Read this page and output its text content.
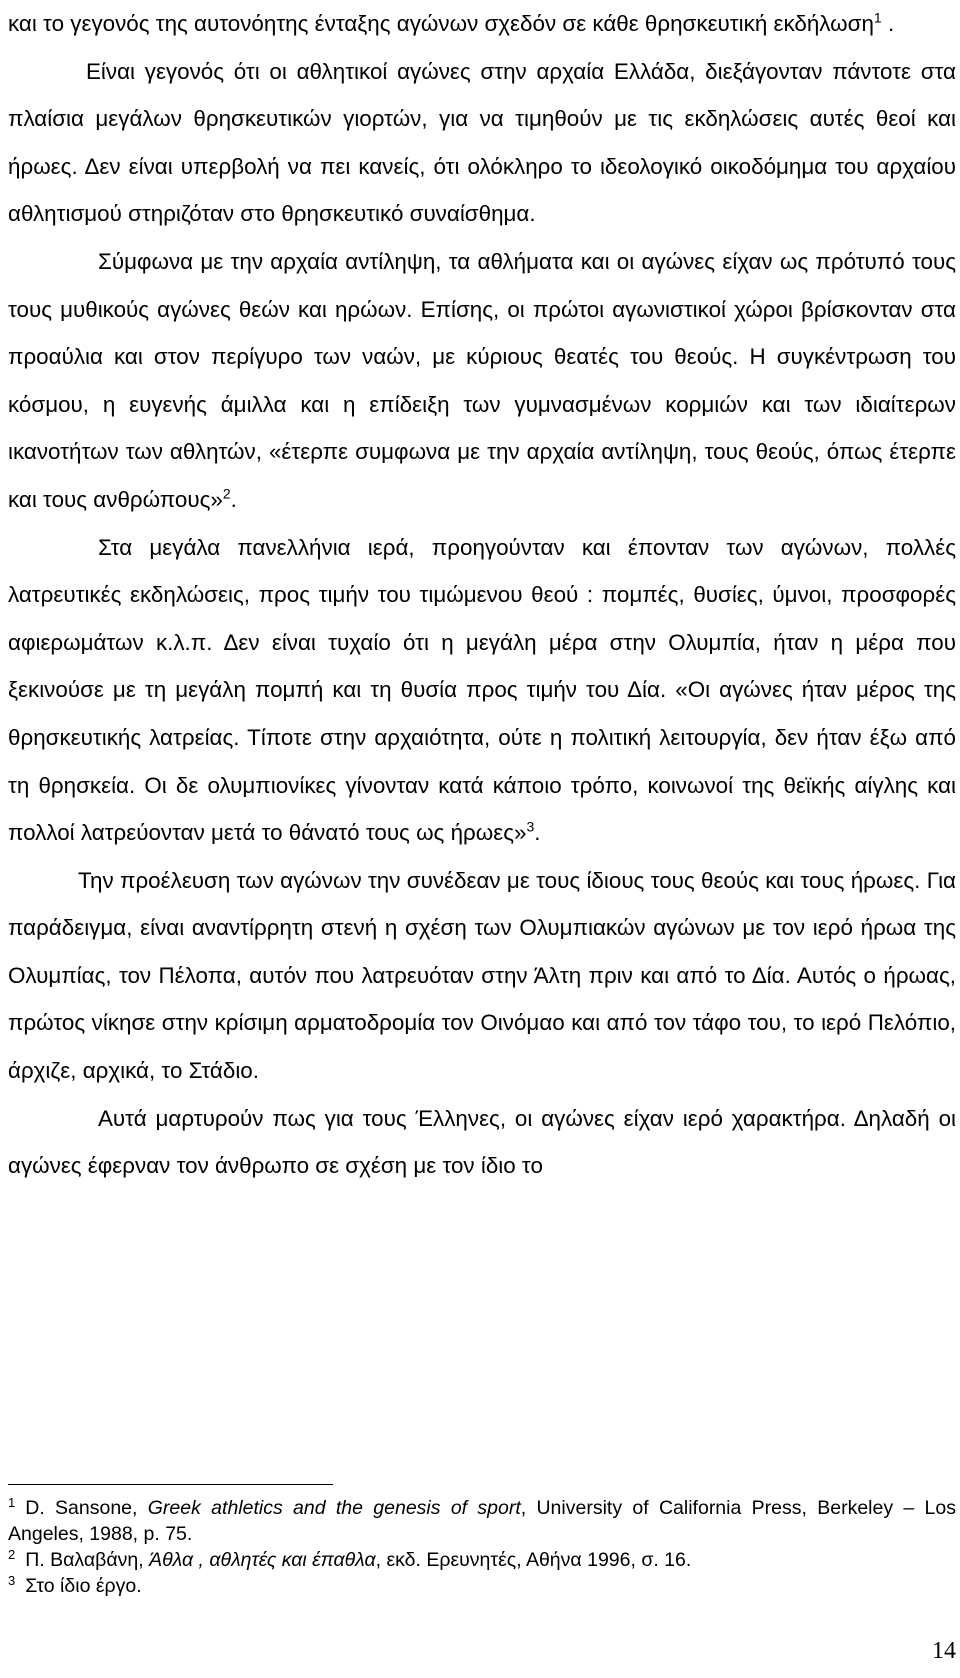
και το γεγονός της αυτονόητης ένταξης αγώνων σχεδόν σε κάθε θρησκευτική εκδήλωση$^1$ .

Είναι γεγονός ότι οι αθλητικοί αγώνες στην αρχαία Ελλάδα, διεξάγονταν πάντοτε στα πλαίσια μεγάλων θρησκευτικών γιορτών, για να τιμηθούν με τις εκδηλώσεις αυτές θεοί και ήρωες. Δεν είναι υπερβολή να πει κανείς, ότι ολόκληρο το ιδεολογικό οικοδόμημα του αρχαίου αθλητισμού στηριζόταν στο θρησκευτικό συναίσθημα.

Σύμφωνα με την αρχαία αντίληψη, τα αθλήματα και οι αγώνες είχαν ως πρότυπό τους τους μυθικούς αγώνες θεών και ηρώων. Επίσης, οι πρώτοι αγωνιστικοί χώροι βρίσκονταν στα προαύλια και στον περίγυρο των ναών, με κύριους θεατές του θεούς. Η συγκέντρωση του κόσμου, η ευγενής άμιλλα και η επίδειξη των γυμνασμένων κορμιών και των ιδιαίτερων ικανοτήτων των αθλητών, «έτερπε συμφωνα με την αρχαία αντίληψη, τους θεούς, όπως έτερπε και τους ανθρώπους»$^2$.

Στα μεγάλα πανελλήνια ιερά, προηγούνταν και έπονταν των αγώνων, πολλές λατρευτικές εκδηλώσεις, προς τιμήν του τιμώμενου θεού : πομπές, θυσίες, ύμνοι, προσφορές αφιερωμάτων κ.λ.π. Δεν είναι τυχαίο ότι η μεγάλη μέρα στην Ολυμπία, ήταν η μέρα που ξεκινούσε με τη μεγάλη πομπή και τη θυσία προς τιμήν του Δία. «Οι αγώνες ήταν μέρος της θρησκευτικής λατρείας. Τίποτε στην αρχαιότητα, ούτε η πολιτική λειτουργία, δεν ήταν έξω από τη θρησκεία. Οι δε ολυμπιονίκες γίνονταν κατά κάποιο τρόπο, κοινωνοί της θεϊκής αίγλης και πολλοί λατρεύονταν μετά το θάνατό τους ως ήρωες»$^3$.

Την προέλευση των αγώνων την συνέδεαν με τους ίδιους τους θεούς και τους ήρωες. Για παράδειγμα, είναι αναντίρρητη στενή η σχέση των Ολυμπιακών αγώνων με τον ιερό ήρωα της Ολυμπίας, τον Πέλοπα, αυτόν που λατρευόταν στην Άλτη πριν και από το Δία. Αυτός ο ήρωας, πρώτος νίκησε στην κρίσιμη αρματοδρομία τον Οινόμαο και από τον τάφο του, το ιερό Πελόπιο, άρχιζε, αρχικά, το Στάδιο.

Αυτά μαρτυρούν πως για τους Έλληνες, οι αγώνες είχαν ιερό χαρακτήρα. Δηλαδή οι αγώνες έφερναν τον άνθρωπο σε σχέση με τον ίδιο το

$^1$ D. Sansone, Greek athletics and the genesis of sport, University of California Press, Berkeley – Los Angeles, 1988, p. 75.

$^2$ Π. Βαλαβάνη, Άθλα , αθλητές και έπαθλα, εκδ. Ερευνητές, Αθήνα 1996, σ. 16.

$^3$ Στο ίδιο έργο.

14
